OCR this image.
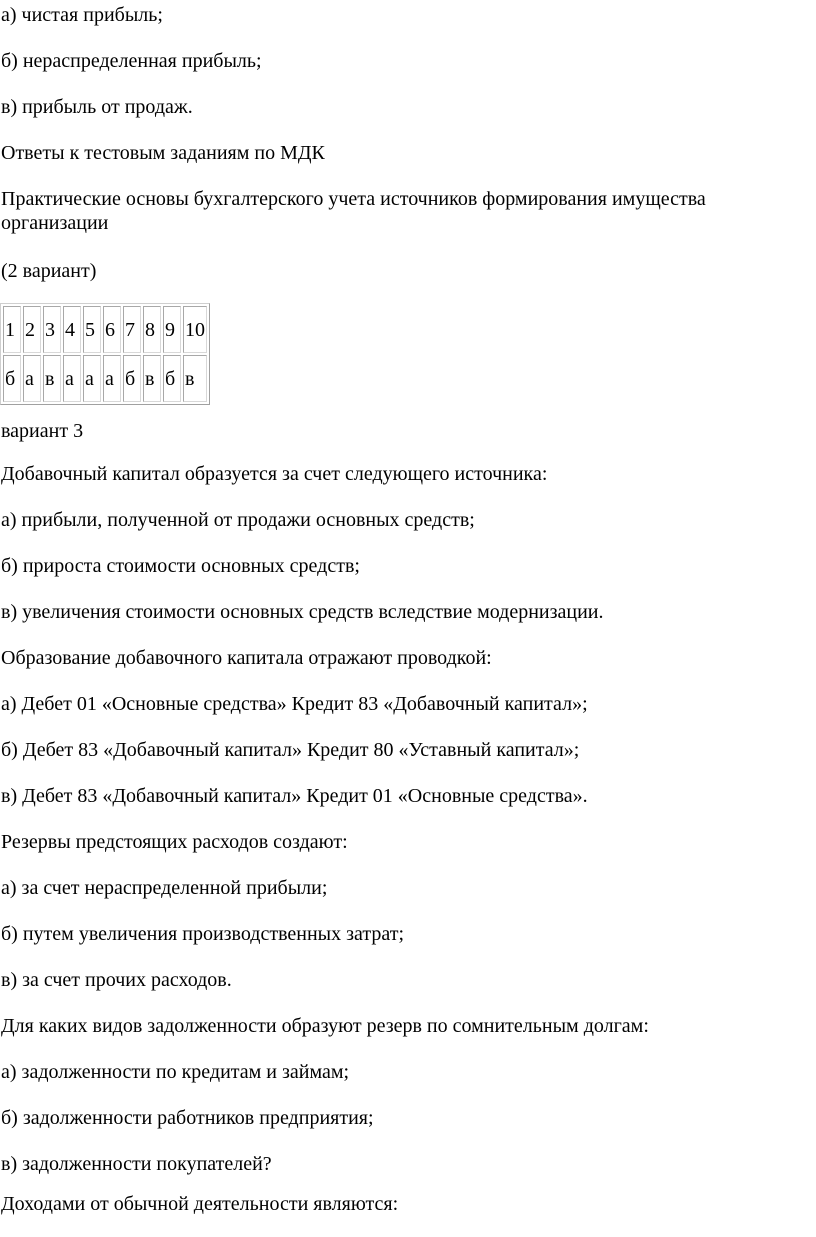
а) чистая прибыль;
б) нераспределенная прибыль;
в) прибыль от продаж.
Ответы к тестовым заданиям по МДК
Практические основы бухгалтерского учета источников формирования имущества организации
(2 вариант)
1	2	3	4	5	6	7	8	9	10
б	а	в	а	а	а	б	в	б	в
вариант 3
Добавочный капитал образуется за счет следующего источника:
а) прибыли, полученной от продажи основных средств;
б) прироста стоимости основных средств;
в) увеличения стоимости основных средств вследствие модернизации.
Образование добавочного капитала отражают проводкой:
а) Дебет 01 «Основные средства» Кредит 83 «Добавочный капитал»;
б) Дебет 83 «Добавочный капитал» Кредит 80 «Уставный капитал»;
в) Дебет 83 «Добавочный капитал» Кредит 01 «Основные средства».
Резервы предстоящих расходов создают:
а) за счет нераспределенной прибыли;
б) путем увеличения производственных затрат;
в) за счет прочих расходов.
Для каких видов задолженности образуют резерв по сомнительным долгам:
а) задолженности по кредитам и займам;
б) задолженности работников предприятия;
в) задолженности покупателей?
Доходами от обычной деятельности являются:
